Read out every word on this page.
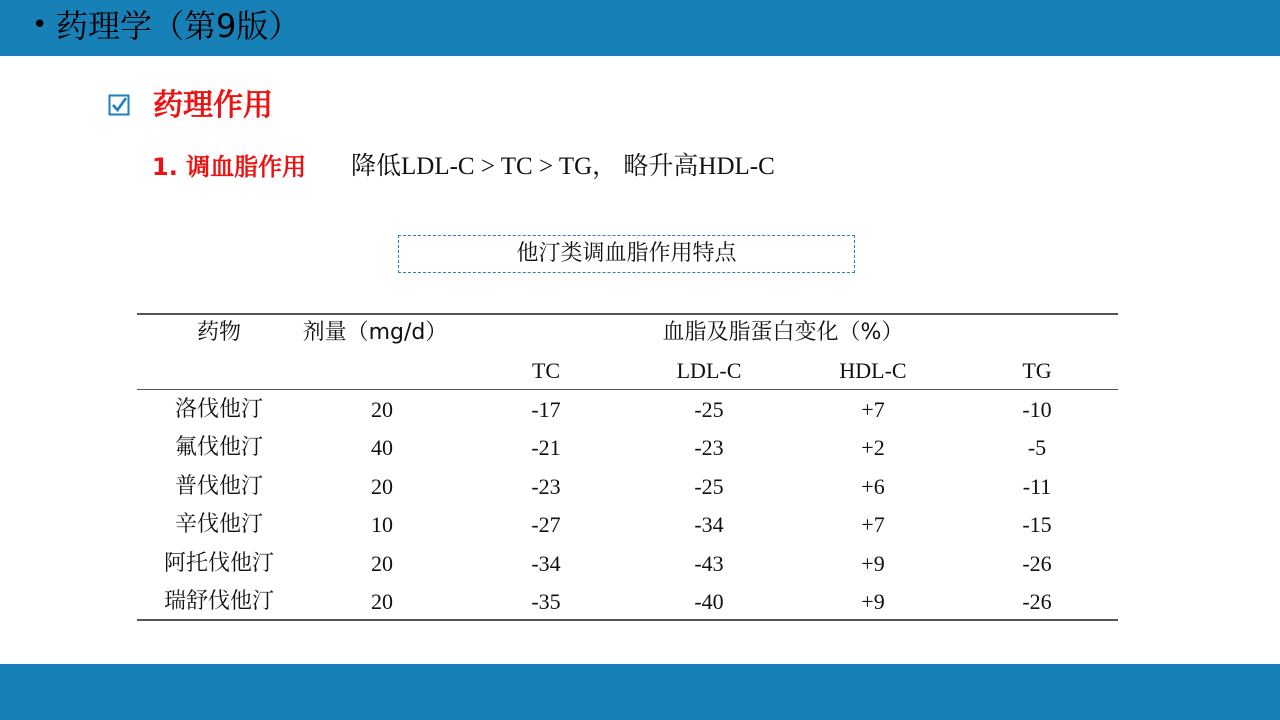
• 药理学（第9版）
药理作用
1. 调血脂作用 降低LDL-C > TC > TG， 略升高HDL-C
他汀类调血脂作用特点
药物	剂量（mg/d）	血脂及脂蛋白变化（%）
TC	LDL-C	HDL-C	TG
洛伐他汀	20	-17	-25	+7	-10
氟伐他汀	40	-21	-23	+2	-5
普伐他汀	20	-23	-25	+6	-11
辛伐他汀	10	-27	-34	+7	-15
阿托伐他汀	20	-34	-43	+9	-26
瑞舒伐他汀	20	-35	-40	+9	-26
